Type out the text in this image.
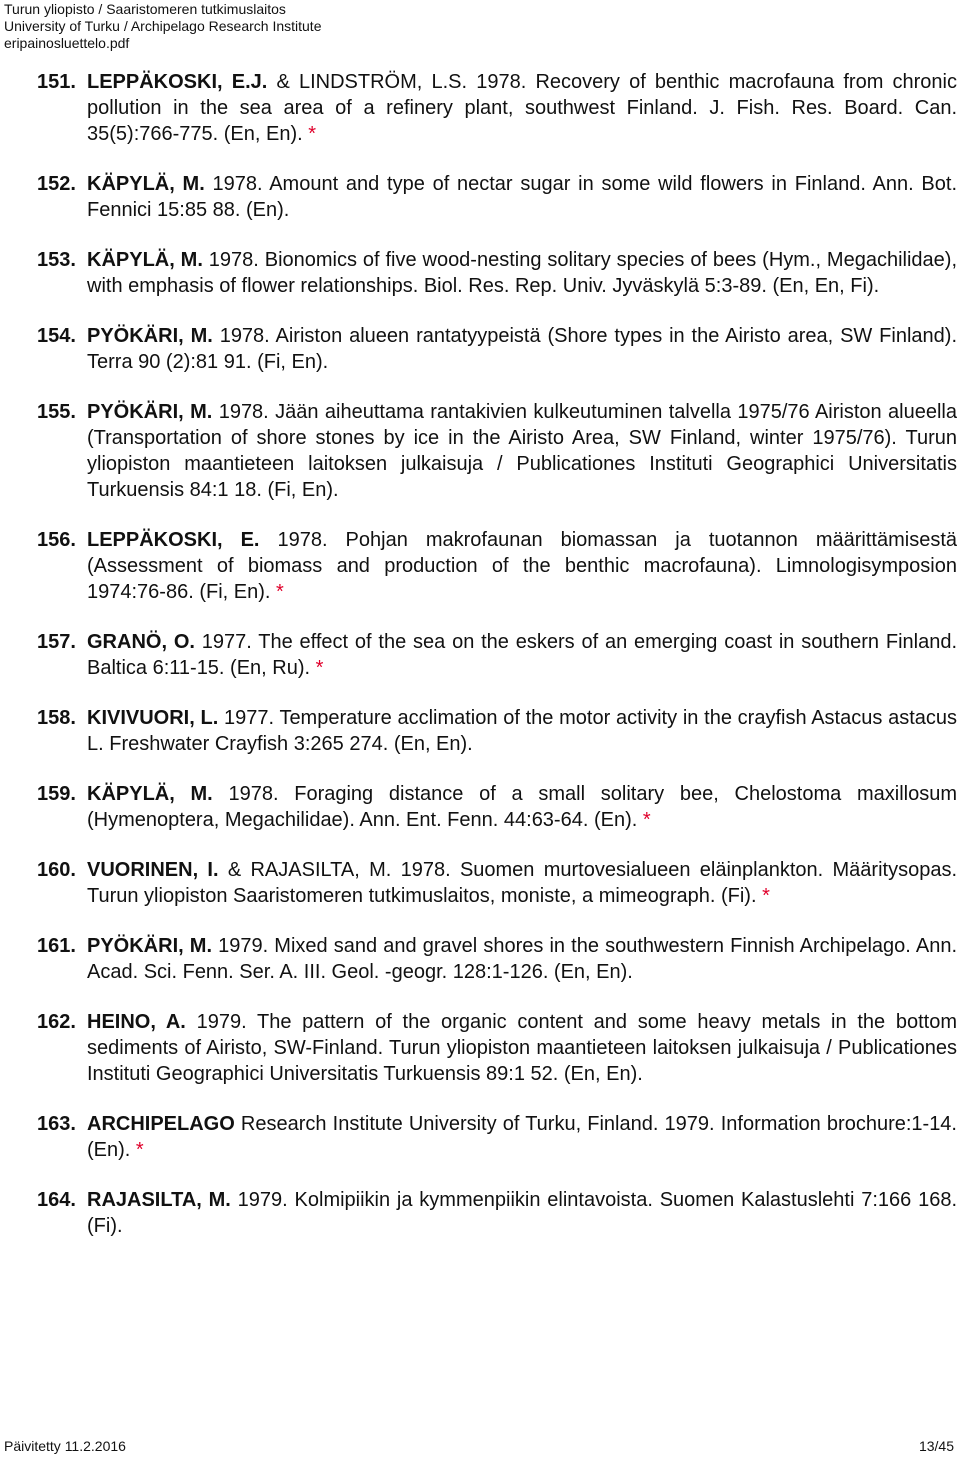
Turun yliopisto / Saaristomeren tutkimuslaitos
University of Turku / Archipelago Research Institute
eripainosluettelo.pdf
151. LEPPÄKOSKI, E.J. & LINDSTRÖM, L.S. 1978. Recovery of benthic macrofauna from chronic pollution in the sea area of a refinery plant, southwest Finland. J. Fish. Res. Board. Can. 35(5):766-775. (En, En). *
152. KÄPYLÄ, M. 1978. Amount and type of nectar sugar in some wild flowers in Finland. Ann. Bot. Fennici 15:85 88. (En).
153. KÄPYLÄ, M. 1978. Bionomics of five wood-nesting solitary species of bees (Hym., Megachilidae), with emphasis of flower relationships. Biol. Res. Rep. Univ. Jyväskylä 5:3-89. (En, En, Fi).
154. PYÖKÄRI, M. 1978. Airiston alueen rantatyypeistä (Shore types in the Airisto area, SW Finland). Terra 90 (2):81 91. (Fi, En).
155. PYÖKÄRI, M. 1978. Jään aiheuttama rantakivien kulkeutuminen talvella 1975/76 Airiston alueella (Transportation of shore stones by ice in the Airisto Area, SW Finland, winter 1975/76). Turun yliopiston maantieteen laitoksen julkaisuja / Publicationes Instituti Geographici Universitatis Turkuensis 84:1 18. (Fi, En).
156. LEPPÄKOSKI, E. 1978. Pohjan makrofaunan biomassan ja tuotannon määrittämisestä (Assessment of biomass and production of the benthic macrofauna). Limnologisymposion 1974:76-86. (Fi, En). *
157. GRANÖ, O. 1977. The effect of the sea on the eskers of an emerging coast in southern Finland. Baltica 6:11-15. (En, Ru). *
158. KIVIVUORI, L. 1977. Temperature acclimation of the motor activity in the crayfish Astacus astacus L. Freshwater Crayfish 3:265 274. (En, En).
159. KÄPYLÄ, M. 1978. Foraging distance of a small solitary bee, Chelostoma maxillosum (Hymenoptera, Megachilidae). Ann. Ent. Fenn. 44:63-64. (En). *
160. VUORINEN, I. & RAJASILTA, M. 1978. Suomen murtovesialueen eläinplankton. Määritysopas. Turun yliopiston Saaristomeren tutkimuslaitos, moniste, a mimeograph. (Fi). *
161. PYÖKÄRI, M. 1979. Mixed sand and gravel shores in the southwestern Finnish Archipelago. Ann. Acad. Sci. Fenn. Ser. A. III. Geol. -geogr. 128:1-126. (En, En).
162. HEINO, A. 1979. The pattern of the organic content and some heavy metals in the bottom sediments of Airisto, SW-Finland. Turun yliopiston maantieteen laitoksen julkaisuja / Publicationes Instituti Geographici Universitatis Turkuensis 89:1 52. (En, En).
163. ARCHIPELAGO Research Institute University of Turku, Finland. 1979. Information brochure:1-14. (En). *
164. RAJASILTA, M. 1979. Kolmipiikin ja kymmenpiikin elintavoista. Suomen Kalastuslehti 7:166 168. (Fi).
Päivitetty 11.2.2016	13/45
